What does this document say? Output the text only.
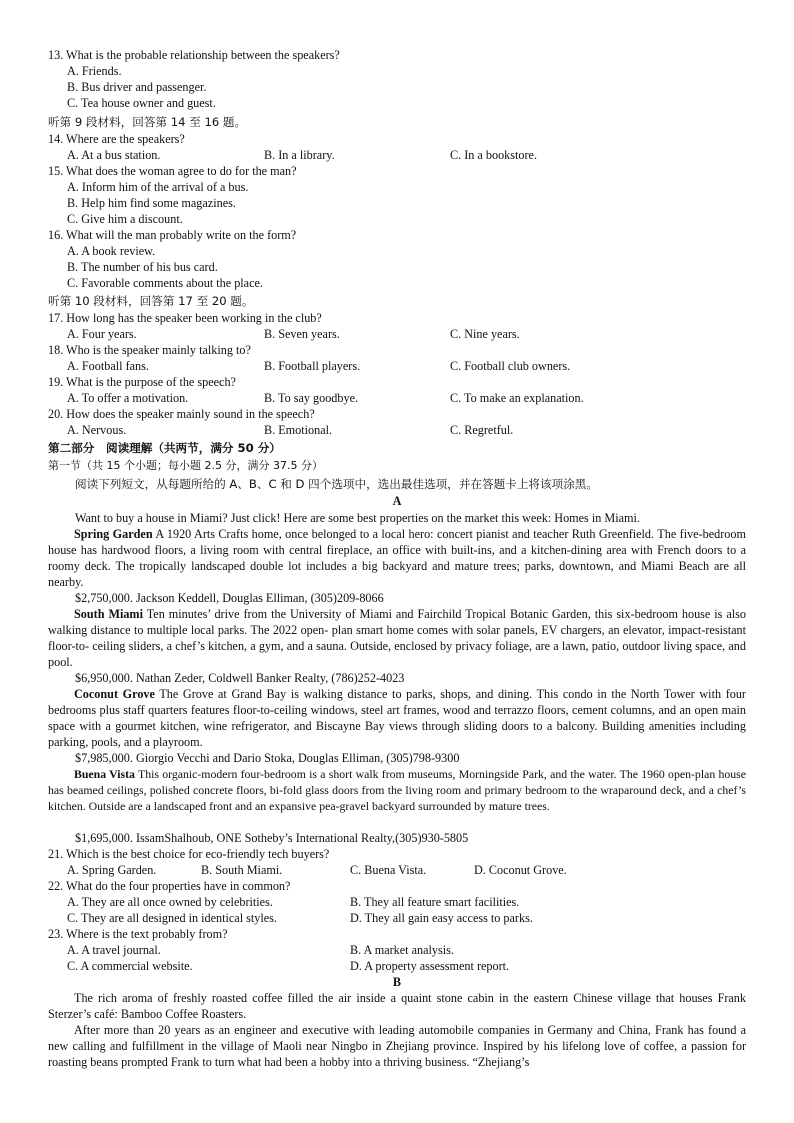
13. What is the probable relationship between the speakers?
A. Friends.
B. Bus driver and passenger.
C. Tea house owner and guest.
听第 9 段材料，回答第 14 至 16 题。
14. Where are the speakers?
A. At a bus station.	B. In a library.	C. In a bookstore.
15. What does the woman agree to do for the man?
A. Inform him of the arrival of a bus.
B. Help him find some magazines.
C. Give him a discount.
16. What will the man probably write on the form?
A. A book review.
B. The number of his bus card.
C. Favorable comments about the place.
听第 10 段材料，回答第 17 至 20 题。
17. How long has the speaker been working in the club?
A. Four years.	B. Seven years.	C. Nine years.
18. Who is the speaker mainly talking to?
A. Football fans.	B. Football players.	C. Football club owners.
19. What is the purpose of the speech?
A. To offer a motivation.	B. To say goodbye.	C. To make an explanation.
20. How does the speaker mainly sound in the speech?
A. Nervous.	B. Emotional.	C. Regretful.
第二部分　阅读理解（共两节，满分 50 分）
第一节（共 15 个小题；每小题 2.5 分，满分 37.5 分）
阅读下列短文，从每题所给的 A、B、C 和 D 四个选项中，选出最佳选项，并在答题卡上将该项涂黑。
A
Want to buy a house in Miami? Just click! Here are some best properties on the market this week: Homes in Miami.
Spring Garden A 1920 Arts Crafts home, once belonged to a local hero: concert pianist and teacher Ruth Greenfield. The five-bedroom house has hardwood floors, a living room with central fireplace, an office with built-ins, and a kitchen-dining area with French doors to a roomy deck. The tropically landscaped double lot includes a big backyard and mature trees; parks, downtown, and Miami Beach are all nearby.
$2,750,000. Jackson Keddell, Douglas Elliman, (305)209-8066
South Miami Ten minutes’ drive from the University of Miami and Fairchild Tropical Botanic Garden, this six-bedroom house is also walking distance to multiple local parks. The 2022 open- plan smart home comes with solar panels, EV chargers, an elevator, impact-resistant floor-to- ceiling sliders, a chef’s kitchen, a gym, and a sauna. Outside, enclosed by privacy foliage, are a lawn, patio, outdoor living space, and pool.
$6,950,000. Nathan Zeder, Coldwell Banker Realty, (786)252-4023
Coconut Grove The Grove at Grand Bay is walking distance to parks, shops, and dining. This condo in the North Tower with four bedrooms plus staff quarters features floor-to-ceiling windows, steel art frames, wood and terrazzo floors, cement columns, and an open main space with a gourmet kitchen, wine refrigerator, and Biscayne Bay views through sliding doors to a balcony. Building amenities including parking, pools, and a playroom.
$7,985,000. Giorgio Vecchi and Dario Stoka, Douglas Elliman, (305)798-9300
Buena Vista This organic-modern four-bedroom is a short walk from museums, Morningside Park, and the water. The 1960 open-plan house has beamed ceilings, polished concrete floors, bi-fold glass doors from the living room and primary bedroom to the wraparound deck, and a chef’s kitchen. Outside are a landscaped front and an expansive pea-gravel backyard surrounded by mature trees.
$1,695,000. IssamShalhoub, ONE Sotheby’s International Realty,(305)930-5805
21. Which is the best choice for eco-friendly tech buyers?
A. Spring Garden.	B. South Miami.	C. Buena Vista.	D. Coconut Grove.
22. What do the four properties have in common?
A. They are all once owned by celebrities.	B. They all feature smart facilities.
C. They are all designed in identical styles.	D. They all gain easy access to parks.
23. Where is the text probably from?
A. A travel journal.	B. A market analysis.
C. A commercial website.	D. A property assessment report.
B
The rich aroma of freshly roasted coffee filled the air inside a quaint stone cabin in the eastern Chinese village that houses Frank Sterzer’s café: Bamboo Coffee Roasters.
After more than 20 years as an engineer and executive with leading automobile companies in Germany and China, Frank has found a new calling and fulfillment in the village of Maoli near Ningbo in Zhejiang province. Inspired by his lifelong love of coffee, a passion for roasting beans prompted Frank to turn what had been a hobby into a thriving business. “Zhejiang’s
